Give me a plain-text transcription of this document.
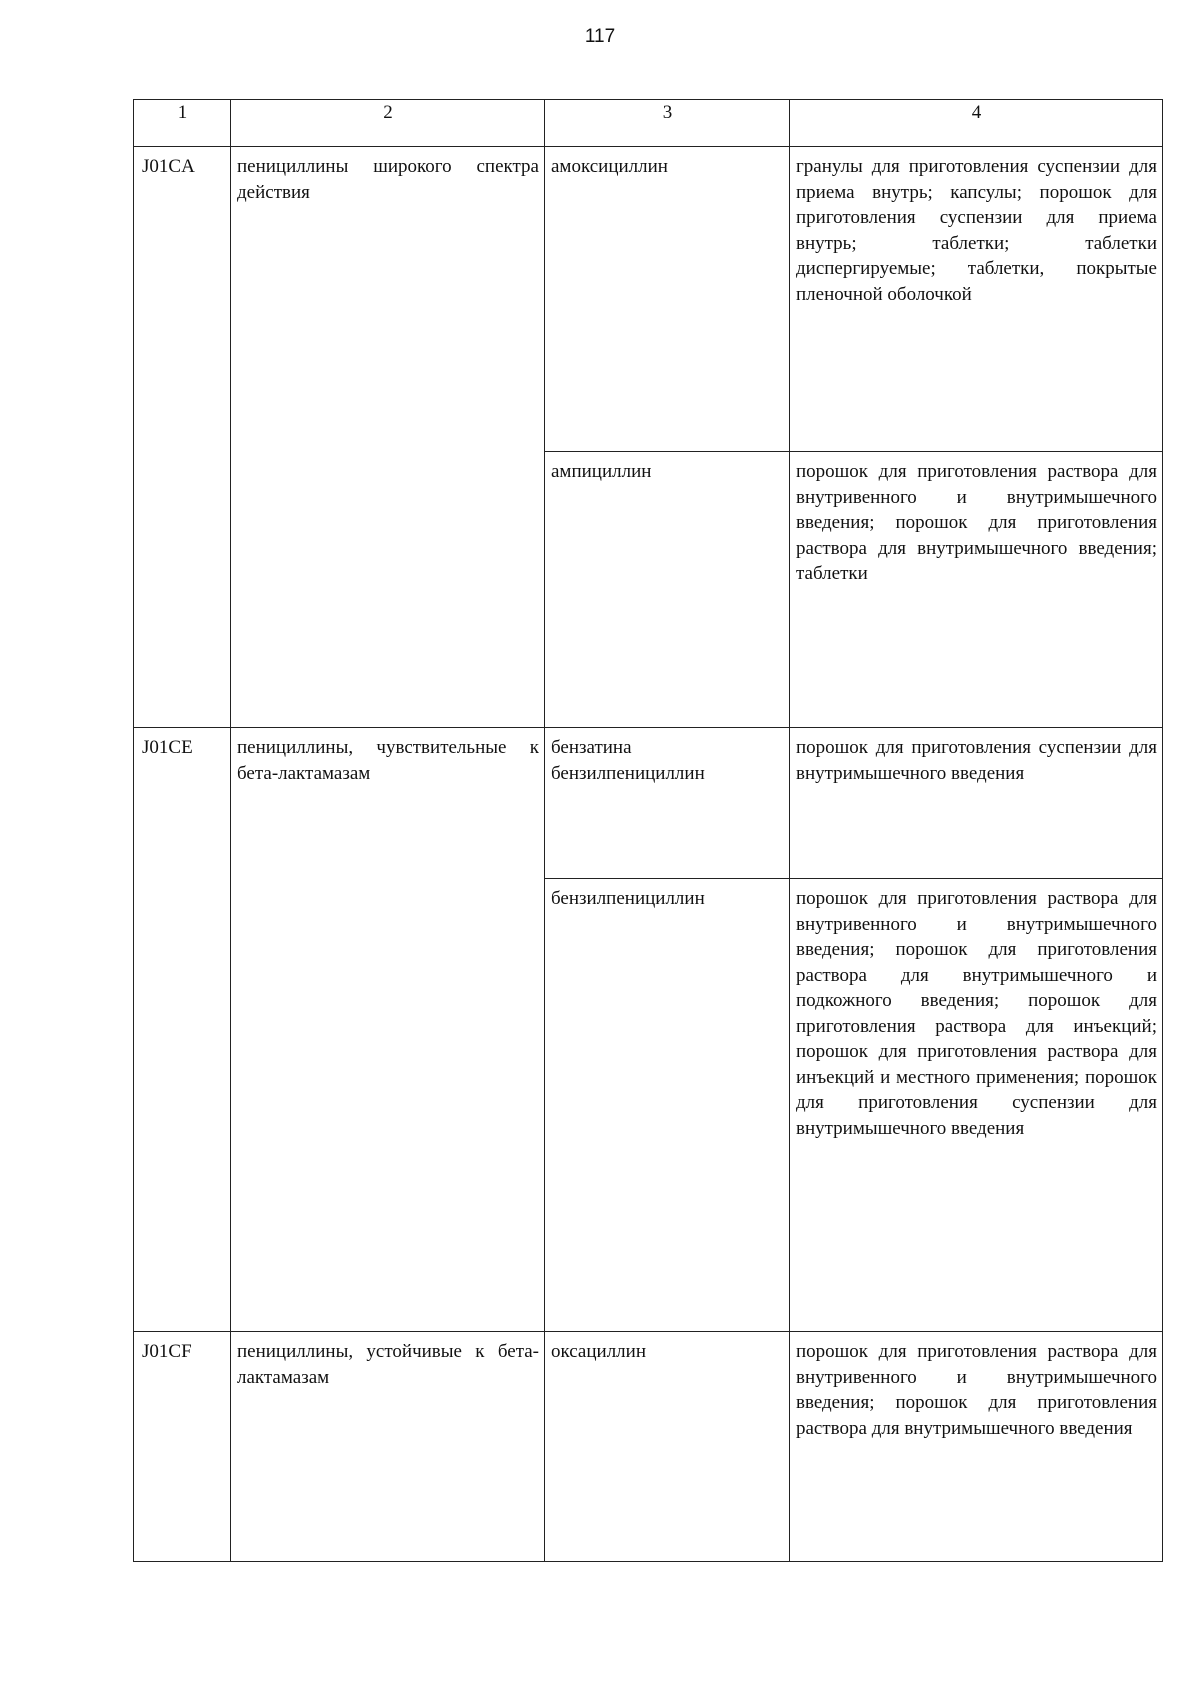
117
1	2	3	4
J01CA	пенициллины широкого спектра действия	амоксициллин	гранулы для приготовления суспензии для приема внутрь; капсулы; порошок для приготовления суспензии для приема внутрь; таблетки; таблетки диспергируемые; таблетки, покрытые пленочной оболочкой
		ампициллин	порошок для приготовления раствора для внутривенного и внутримышечного введения; порошок для приготовления раствора для внутримышечного введения; таблетки
J01CE	пенициллины, чувствительные к бета-лактамазам	бензатина бензилпенициллин	порошок для приготовления суспензии для внутримышечного введения
		бензилпенициллин	порошок для приготовления раствора для внутривенного и внутримышечного введения; порошок для приготовления раствора для внутримышечного и подкожного введения; порошок для приготовления раствора для инъекций; порошок для приготовления раствора для инъекций и местного применения; порошок для приготовления суспензии для внутримышечного введения
J01CF	пенициллины, устойчивые к бета-лактамазам	оксациллин	порошок для приготовления раствора для внутривенного и внутримышечного введения; порошок для приготовления раствора для внутримышечного введения
